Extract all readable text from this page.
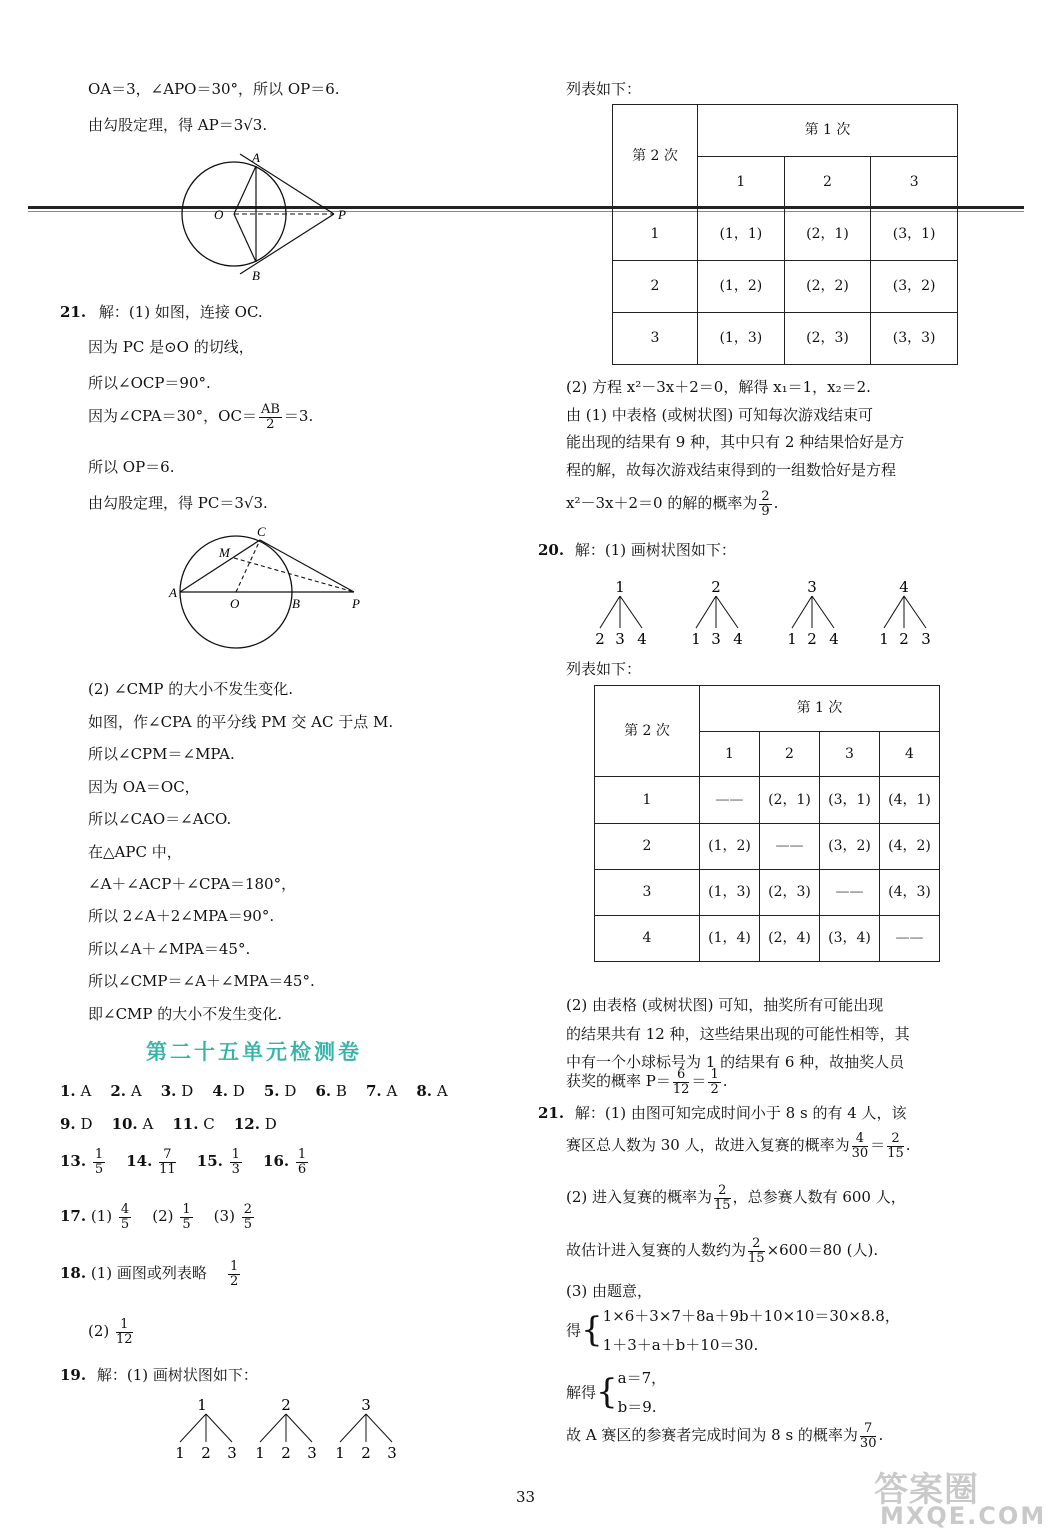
OA＝3，∠APO＝30°，所以 OP＝6.
由勾股定理，得 AP＝3√3.
A
O	P
B
21. 解：(1) 如图，连接 OC.
因为 PC 是⊙O 的切线，
所以∠OCP＝90°.
因为∠CPA＝30°，$OC= \frac{AB}{2} =3$.
所以 OP＝6.
由勾股定理，得 PC＝3√3.
C
M
A
O	B	P
(2) ∠CMP 的大小不发生变化.
如图，作∠CPA 的平分线 PM 交 AC 于点 M.
所以∠CPM＝∠MPA.
因为 OA＝OC，
所以∠CAO＝∠ACO.
在△APC 中，
∠A＋∠ACP＋∠CPA＝180°，
所以 2∠A＋2∠MPA＝90°.
所以∠A＋∠MPA＝45°.
所以∠CMP＝∠A＋∠MPA＝45°.
即∠CMP 的大小不发生变化.
第二十五单元检测卷
1. A 2. A 3. D 4. D 5. D 6. B 7. A 8. A
9. D 10. A 11. C 12. D
13. $\frac{1}{5} 14$. $\frac{7}{11} 15$. $\frac{1}{3} 16$. $\frac{1}{6}$
17. $(1) \frac{4}{5} (2) \frac{1}{5} (3) \frac{2}{5}$
18. (1) 画图或列表略 $\frac{1}{2}$
$(2) \frac{1}{12}$
19. 解：(1) 画树状图如下：
1
1 2 3
2
1 2 3
3
1 2 3
列表如下：
第 2 次	第 1 次		
	1	2	3
1	(1，1)	(2，1)	(3，1)
2	(1，2)	(2，2)	(3，2)
3	(1，3)	(2，3)	(3，3)
(2) 方程 x²－3x＋2＝0，解得 x₁＝1，x₂＝2.
由 (1) 中表格 (或树状图) 可知每次游戏结束可
能出现的结果有 9 种，其中只有 2 种结果恰好是方
程的解，故每次游戏结束得到的一组数恰好是方程
x²－3x＋2＝0 的解的概率为 $\frac{2}{9}$ .
20. 解：(1) 画树状图如下：
1
2 3 4
2
1 3 4
3
1 2 4
4
1 2 3
列表如下：
第 2 次	第 1 次			
	1	2	3	4
1	——	(2，1)	(3，1)	(4，1)
2	(1，2)	——	(3，2)	(4，2)
3	(1，3)	(2，3)	——	(4，3)
4	(1，4)	(2，4)	(3，4)	——
(2) 由表格 (或树状图) 可知，抽奖所有可能出现
的结果共有 12 种，这些结果出现的可能性相等，其
中有一个小球标号为 1 的结果有 6 种，故抽奖人员
获奖的概率 $P= \frac{6}{12} = \frac{1}{2}$ .
21. 解：(1) 由图可知完成时间小于 8 s 的有 4 人，该
赛区总人数为 30 人，故进入复赛的概率为 $\frac{4}{30} = \frac{2}{15}$ .
(2) 进入复赛的概率为 $\frac{2}{15}$ ，总参赛人数有 600 人，
故估计进入复赛的人数约为 $\frac{2}{15} \times 600=80$ (人).
(3) 由题意，
得{ 1×6＋3×7＋8a＋9b＋10×10＝30×8.8，
1＋3＋a＋b＋10＝30.
解得{ a＝7，
b＝9.
故 A 赛区的参赛者完成时间为 8 s 的概率为 $\frac{7}{30}$ .
33	答案圈
MXQE.COM
